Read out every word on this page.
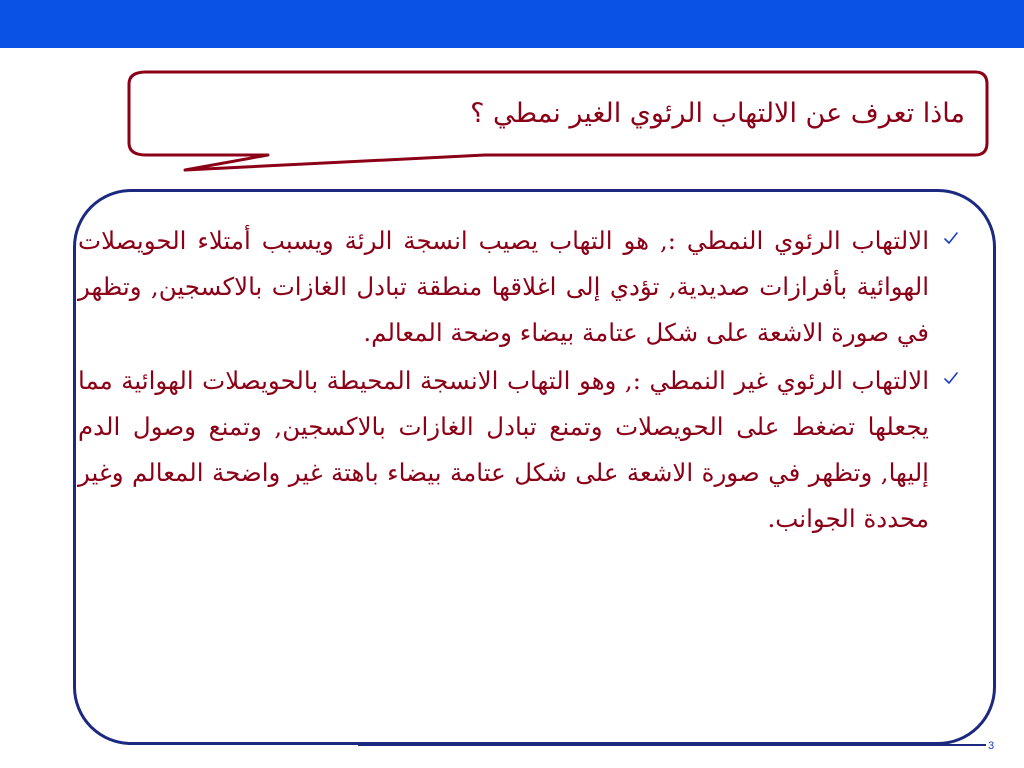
ماذا تعرف عن الالتهاب الرئوي الغير نمطي ؟
الالتهاب الرئوي النمطي :, هو التهاب يصيب انسجة الرئة ويسبب أمتلاء الحويصلات الهوائية بأفرازات صديدية, تؤدي إلى اغلاقها منطقة تبادل الغازات بالاكسجين, وتظهر في صورة الاشعة على شكل عتامة بيضاء وضحة المعالم.
الالتهاب الرئوي غير النمطي :, وهو التهاب الانسجة المحيطة بالحويصلات الهوائية مما يجعلها تضغط على الحويصلات وتمنع تبادل الغازات بالاكسجين, وتمنع وصول الدم إليها, وتظهر في صورة الاشعة على شكل عتامة بيضاء باهتة غير واضحة المعالم وغير محددة الجوانب.
3
